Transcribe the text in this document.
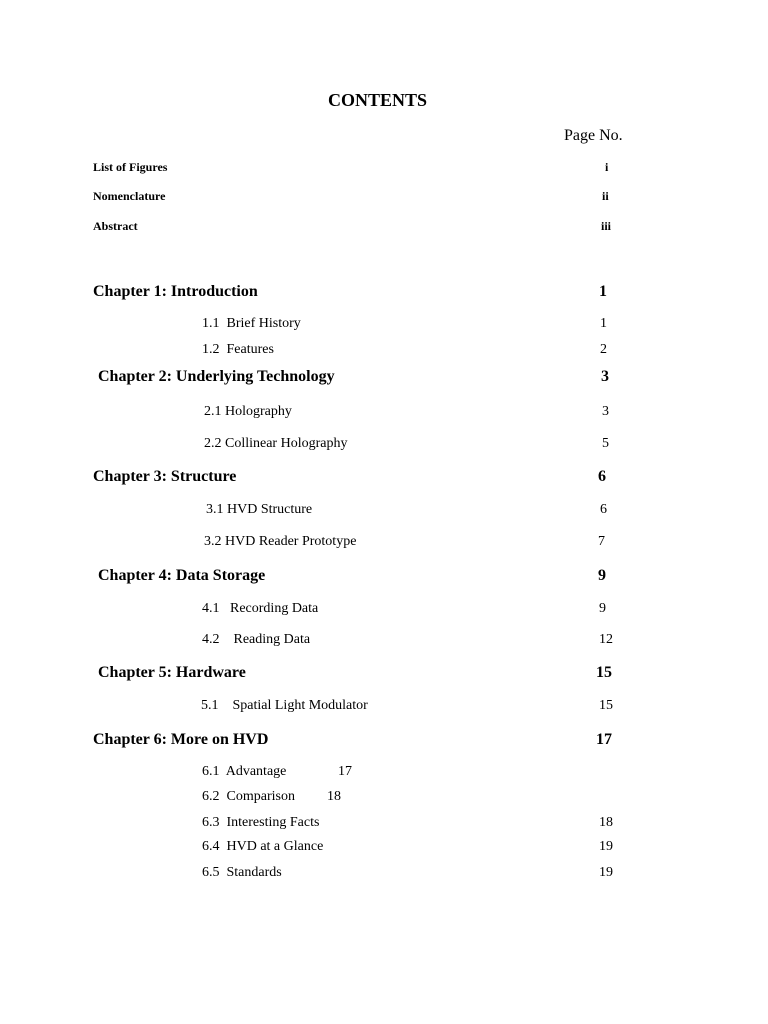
CONTENTS
Page No.
List of Figures	i
Nomenclature	ii
Abstract	iii
Chapter 1: Introduction	1
1.1  Brief History	1
1.2  Features	2
Chapter 2: Underlying Technology	3
2.1 Holography	3
2.2 Collinear Holography	5
Chapter 3: Structure	6
3.1 HVD Structure	6
3.2 HVD Reader Prototype	7
Chapter 4: Data Storage	9
4.1   Recording Data	9
4.2    Reading Data	12
Chapter 5: Hardware	15
5.1    Spatial Light Modulator	15
Chapter 6: More on HVD	17
6.1  Advantage	17
6.2  Comparison 18
6.3  Interesting Facts	18
6.4  HVD at a Glance	19
6.5  Standards	19
